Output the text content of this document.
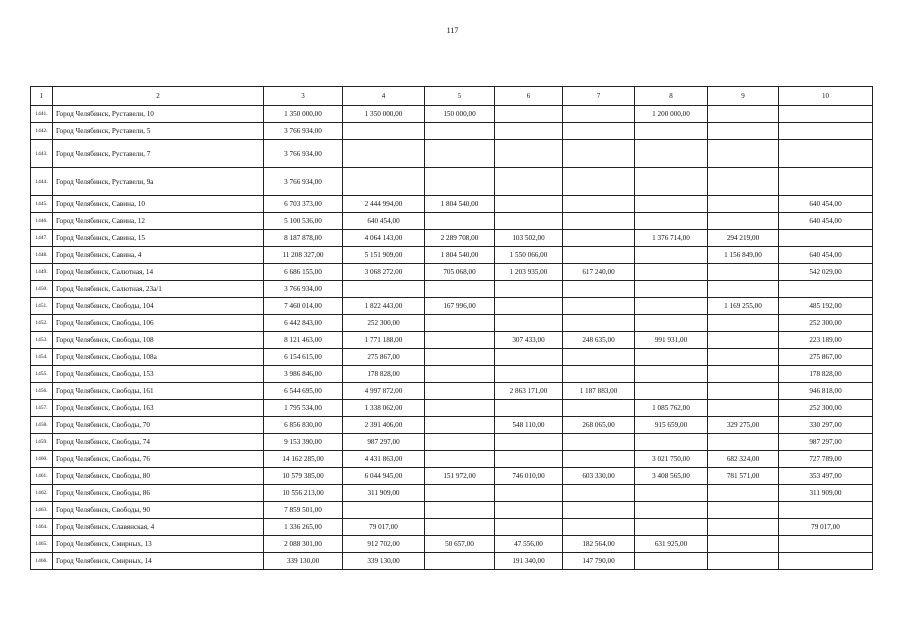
117
1	2	3	4	5	6	7	8	9	10
1441.	Город Челябинск, Руставели, 10	1 350 000,00	1 350 000,00	150 000,00			1 200 000,00		
1442.	Город Челябинск, Руставели, 5	3 766 934,00							
1443.	Город Челябинск, Руставели, 7	3 766 934,00							
1444.	Город Челябинск, Руставели, 9а	3 766 934,00							
1445.	Город Челябинск, Савина, 10	6 703 373,00	2 444 994,00	1 804 540,00					640 454,00
1446.	Город Челябинск, Савина, 12	5 100 536,00	640 454,00						640 454,00
1447.	Город Челябинск, Савина, 15	8 187 878,00	4 064 143,00	2 289 708,00	103 502,00		1 376 714,00	294 219,00	
1448.	Город Челябинск, Савина, 4	11 208 327,00	5 151 909,00	1 804 540,00	1 550 066,00			1 156 849,00	640 454,00
1449.	Город Челябинск, Салютная, 14	6 686 155,00	3 068 272,00	705 068,00	1 203 935,00	617 240,00			542 029,00
1450.	Город Челябинск, Салютная, 23а/1	3 766 934,00							
1451.	Город Челябинск, Свободы, 104	7 460 014,00	1 822 443,00	167 996,00				1 169 255,00	485 192,00
1452.	Город Челябинск, Свободы, 106	6 442 843,00	252 300,00						252 300,00
1453.	Город Челябинск, Свободы, 108	8 121 463,00	1 771 188,00		307 433,00	248 635,00	991 931,00		223 189,00
1454.	Город Челябинск, Свободы, 108а	6 154 615,00	275 867,00						275 867,00
1455.	Город Челябинск, Свободы, 153	3 986 846,00	178 828,00						178 828,00
1456.	Город Челябинск, Свободы, 161	6 544 695,00	4 997 872,00		2 863 171,00	1 187 883,00			946 818,00
1457.	Город Челябинск, Свободы, 163	1 795 534,00	1 338 062,00				1 085 762,00		252 300,00
1458.	Город Челябинск, Свободы, 70	6 856 830,00	2 391 406,00		548 110,00	268 065,00	915 659,00	329 275,00	330 297,00
1459.	Город Челябинск, Свободы, 74	9 153 390,00	987 297,00						987 297,00
1460.	Город Челябинск, Свободы, 76	14 162 285,00	4 431 863,00				3 021 750,00	682 324,00	727 789,00
1461.	Город Челябинск, Свободы, 80	10 579 385,00	6 044 945,00	151 972,00	746 010,00	603 330,00	3 408 565,00	781 571,00	353 497,00
1462.	Город Челябинск, Свободы, 86	10 556 213,00	311 909,00						311 909,00
1463.	Город Челябинск, Свободы, 90	7 859 501,00							
1464.	Город Челябинск, Славянская, 4	1 336 265,00	79 017,00						79 017,00
1465.	Город Челябинск, Смирных, 13	2 088 301,00	912 702,00	50 657,00	47 556,00	182 564,00	631 925,00		
1466.	Город Челябинск, Смирных, 14	339 130,00	339 130,00		191 340,00	147 790,00			
